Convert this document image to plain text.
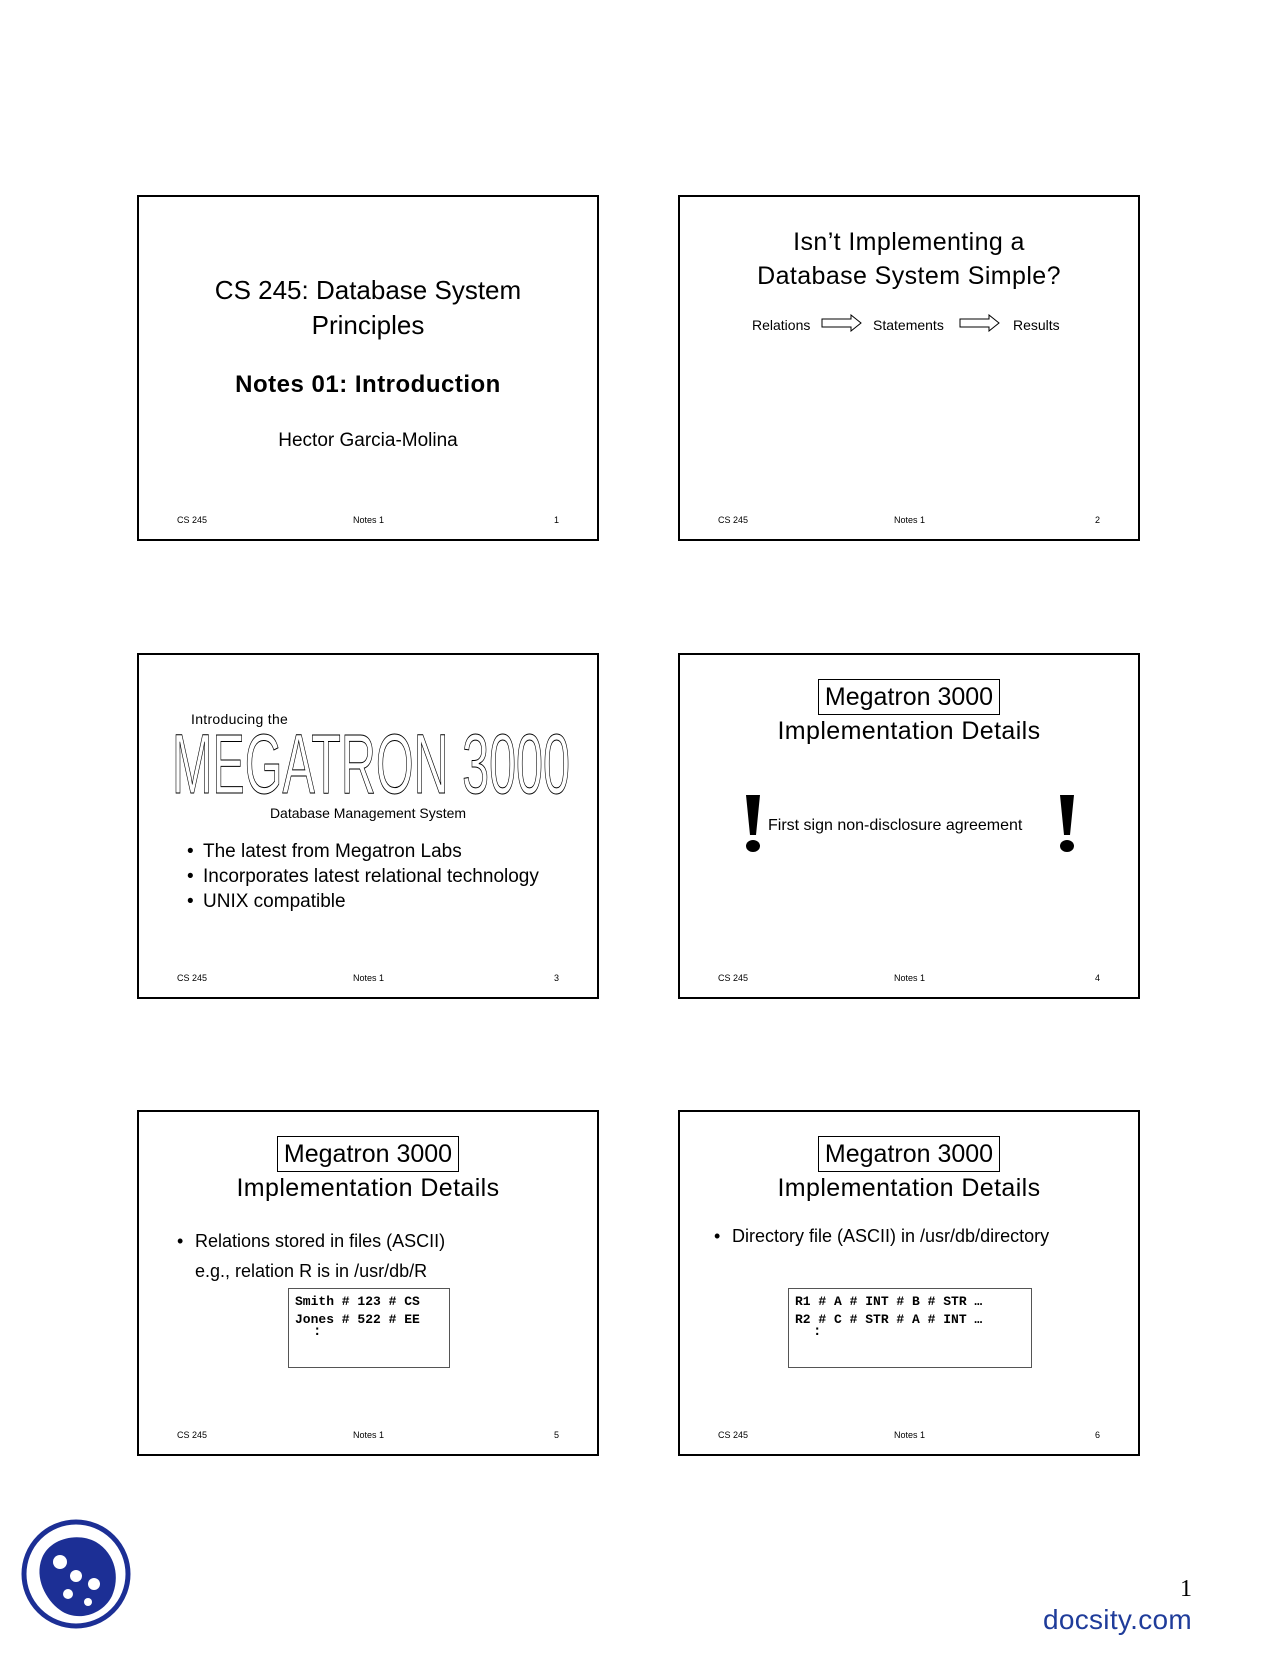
CS 245: Database System
Principles
Notes 01: Introduction
Hector Garcia-Molina
CS 245	Notes 1	1
Isn’t Implementing a
Database System Simple?
Relations	Statements	Results
CS 245	Notes 1	2
Introducing the
MEGATRON 3000
Database Management System
• The latest from Megatron Labs
• Incorporates latest relational technology
• UNIX compatible
CS 245	Notes 1	3
Megatron 3000
Implementation Details
First sign non-disclosure agreement
CS 245	Notes 1	4
Megatron 3000
Implementation Details
• Relations stored in files (ASCII)
e.g., relation R is in /usr/db/R
Smith # 123 # CS
Jones # 522 # EE
:
CS 245	Notes 1	5
Megatron 3000
Implementation Details
• Directory file (ASCII) in /usr/db/directory
R1 # A # INT # B # STR …
R2 # C # STR # A # INT …
:
CS 245	Notes 1	6
1
docsity.com
